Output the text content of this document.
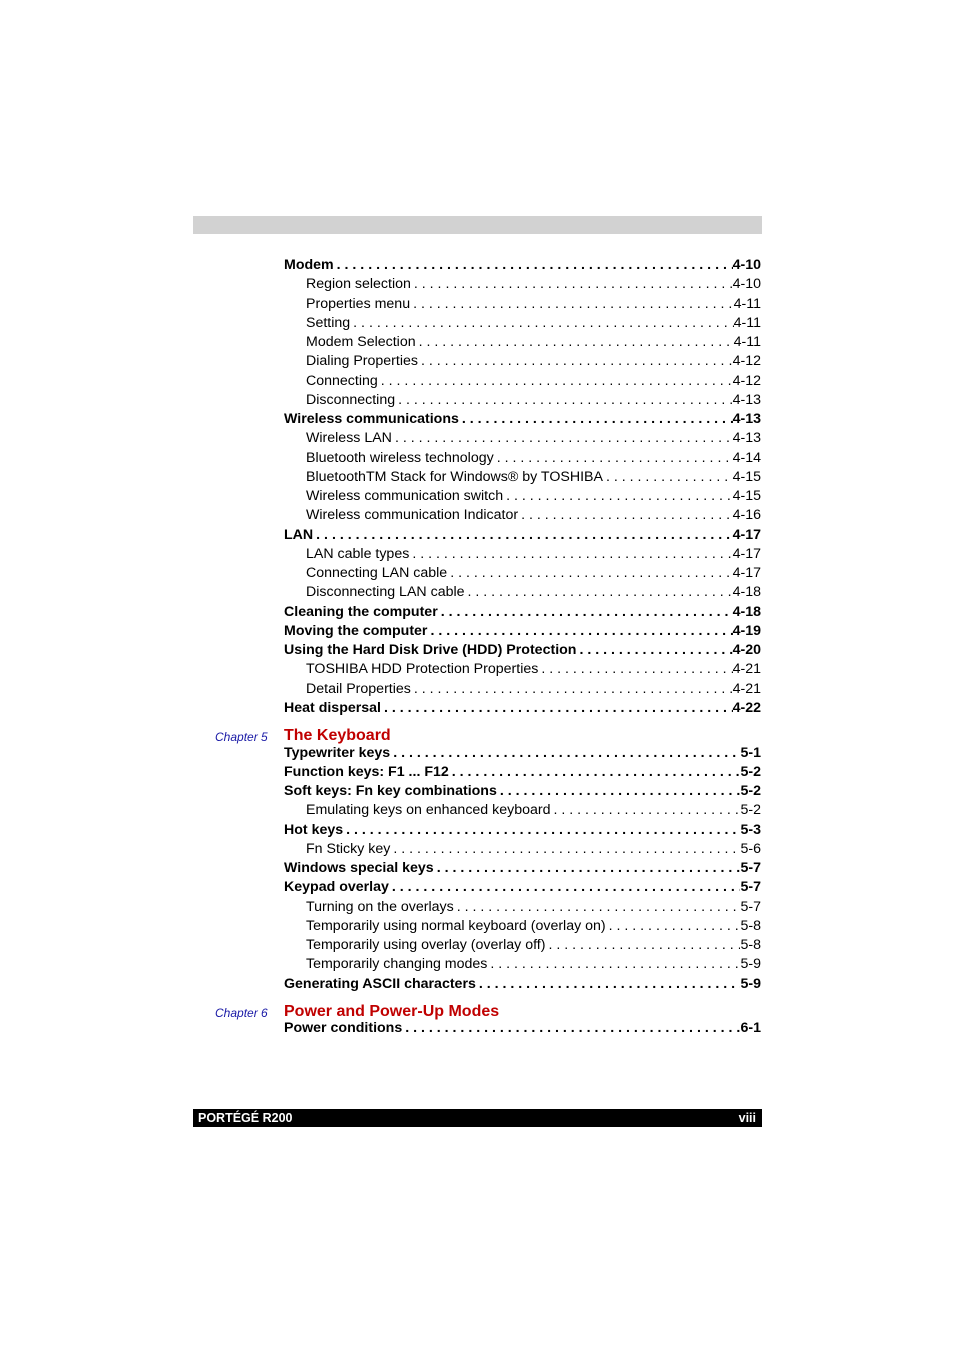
Modem . . .	4-10
Region selection . . .	4-10
Properties menu . . .	4-11
Setting . . .	4-11
Modem Selection . . .	4-11
Dialing Properties . . .	4-12
Connecting . . .	4-12
Disconnecting . . .	4-13
Wireless communications . . .	4-13
Wireless LAN . . .	4-13
Bluetooth wireless technology . . .	4-14
BluetoothTM Stack for Windows® by TOSHIBA . . .	4-15
Wireless communication switch . . .	4-15
Wireless communication Indicator . . .	4-16
LAN . . .	4-17
LAN cable types . . .	4-17
Connecting LAN cable . . .	4-17
Disconnecting LAN cable . . .	4-18
Cleaning the computer . . .	4-18
Moving the computer . . .	4-19
Using the Hard Disk Drive (HDD) Protection . . .	4-20
TOSHIBA HDD Protection Properties . . .	4-21
Detail Properties . . .	4-21
Heat dispersal . . .	4-22
Chapter 5 The Keyboard
Typewriter keys . . .	5-1
Function keys: F1 ... F12 . . .	5-2
Soft keys: Fn key combinations . . .	5-2
Emulating keys on enhanced keyboard . . .	5-2
Hot keys . . .	5-3
Fn Sticky key . . .	5-6
Windows special keys . . .	5-7
Keypad overlay . . .	5-7
Turning on the overlays . . .	5-7
Temporarily using normal keyboard (overlay on) . . .	5-8
Temporarily using overlay (overlay off) . . .	5-8
Temporarily changing modes . . .	5-9
Generating ASCII characters . . .	5-9
Chapter 6 Power and Power-Up Modes
Power conditions . . .	6-1
PORTÉGÉ R200	viii
